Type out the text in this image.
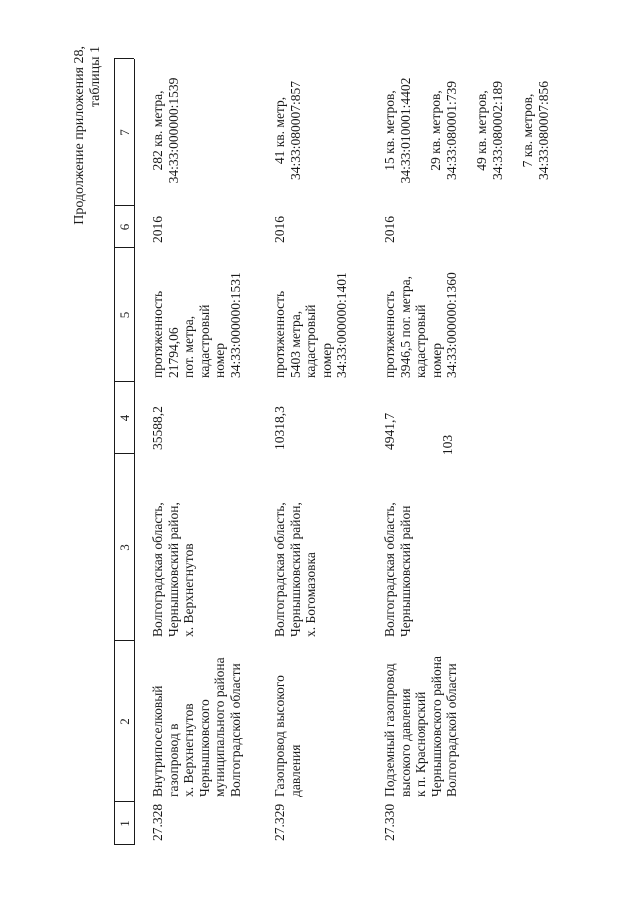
103
Продолжение приложения 28, таблицы 1
1
2
3
4
5
6
7
27.328
Внутрипоселковый газопровод в х. Верхнегнутов Чернышковского муниципального района Волгоградской области
Волгоградская область, Чернышковский район, х. Верхнегнутов
35588,2
протяженность 21794,06 пот. метра, кадастровый номер 34:33:000000:1531
2016
282 кв. метра, 34:33:000000:1539
27.329
Газопровод высокого давления
Волгоградская область, Чернышковский район, х. Богомазовка
10318,3
протяженность 5403 метра, кадастровый номер 34:33:000000:1401
2016
41 кв. метр, 34:33:080007:857
27.330
Подземный газопровод высокого давления к п. Красноярский Чернышковского района Волгоградской области
Волгоградская область, Чернышковский район
4941,7
протяженность 3946,5 пог. метра, кадастровый номер 34:33:000000:1360
2016
15 кв. метров, 34:33:010001:4402 29 кв. метров, 34:33:080001:739 49 кв. метров, 34:33:080002:189 7 кв. метров, 34:33:080007:856
